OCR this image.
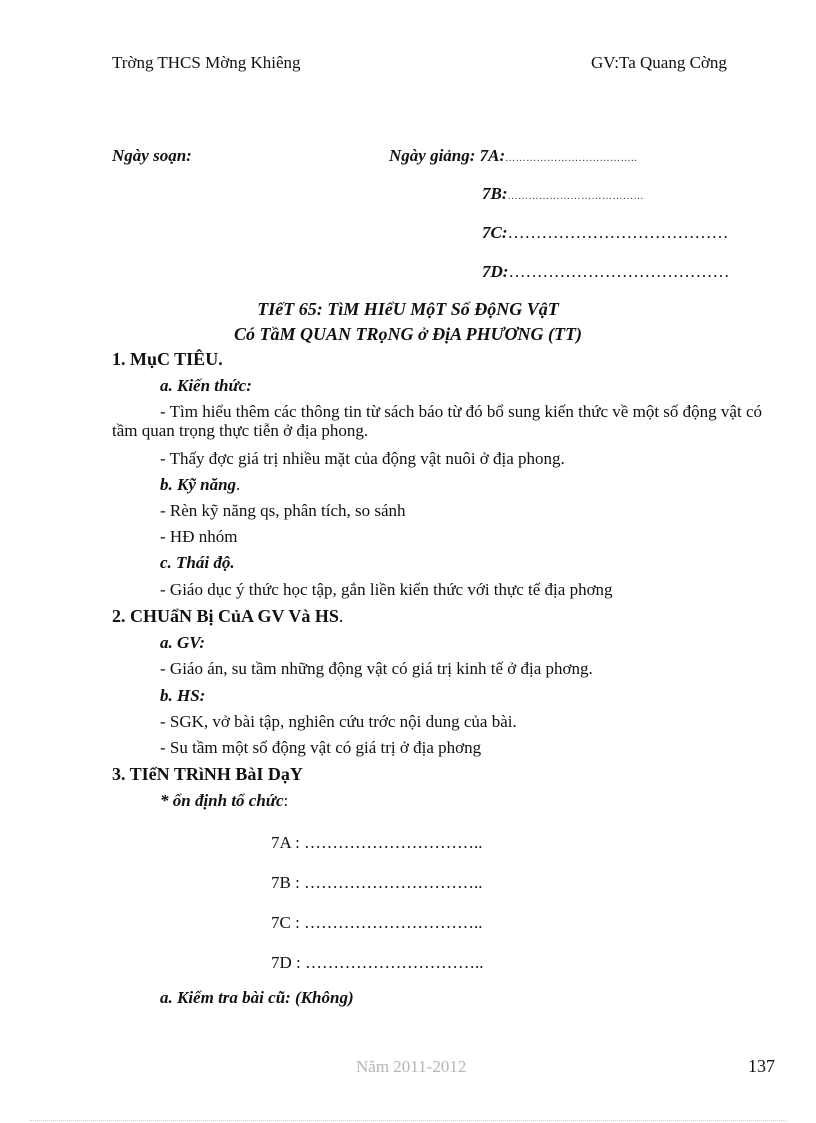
Trờng THCS Mờng Khiêng	GV:Ta Quang Cờng
Ngày soạn:	Ngày giảng: 7A:………………………………..
7B:…………………………………
7C:…………………………………
7D:…………………………………
TIếT 65: TìM HIểU MộT Số ĐộNG VậT
Có TầM QUAN TRọNG ở ĐịA PHƯƠNG (TT)
1. MụC TIÊU.
a. Kiến thức:
- Tìm hiểu thêm các thông tin từ sách báo từ đó bổ sung kiến thức về một số động vật có tầm quan trọng thực tiễn ở địa phong.
- Thấy đợc giá trị nhiều mặt của động vật nuôi ở địa phong.
b. Kỹ năng.
- Rèn kỹ năng qs, phân tích, so sánh
- HĐ nhóm
c. Thái độ.
- Giáo dục ý thức học tập, gắn liền kiến thức với thực tế địa phơng
2. CHUẩN Bị CủA GV Và HS.
a. GV:
- Giáo án, su tầm những động vật có giá trị kinh tế ở địa phơng.
b. HS:
- SGK, vở bài tập, nghiên cứu trớc nội dung của bài.
- Su tầm một số động vật có giá trị ở địa phơng
3. TIếN TRìNH BàI DạY
* ổn định tổ chức:
7A : …………………………..
7B : …………………………..
7C : …………………………..
7D : …………………………..
a. Kiểm tra bài cũ: (Không)
Năm 2011-2012	137
